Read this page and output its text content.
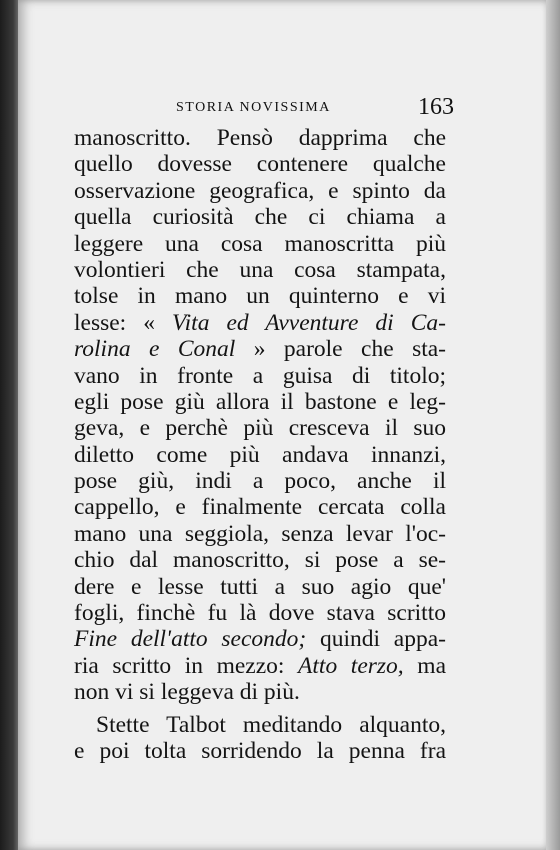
STORIA NOVISSIMA	163
manoscritto. Pensò dapprima che
quello dovesse contenere qualche
osservazione geografica, e spinto da
quella curiosità che ci chiama a
leggere una cosa manoscritta più
volontieri che una cosa stampata,
tolse in mano un quinterno e vi
lesse: « Vita ed Avventure di Ca-
rolina e Conal » parole che sta-
vano in fronte a guisa di titolo;
egli pose giù allora il bastone e leg-
geva, e perchè più cresceva il suo
diletto come più andava innanzi,
pose giù, indi a poco, anche il
cappello, e finalmente cercata colla
mano una seggiola, senza levar l'oc-
chio dal manoscritto, si pose a se-
dere e lesse tutti a suo agio que'
fogli, finchè fu là dove stava scritto
Fine dell'atto secondo; quindi appa-
ria scritto in mezzo: Atto terzo, ma
non vi si leggeva di più.
Stette Talbot meditando alquanto,
e poi tolta sorridendo la penna fra
